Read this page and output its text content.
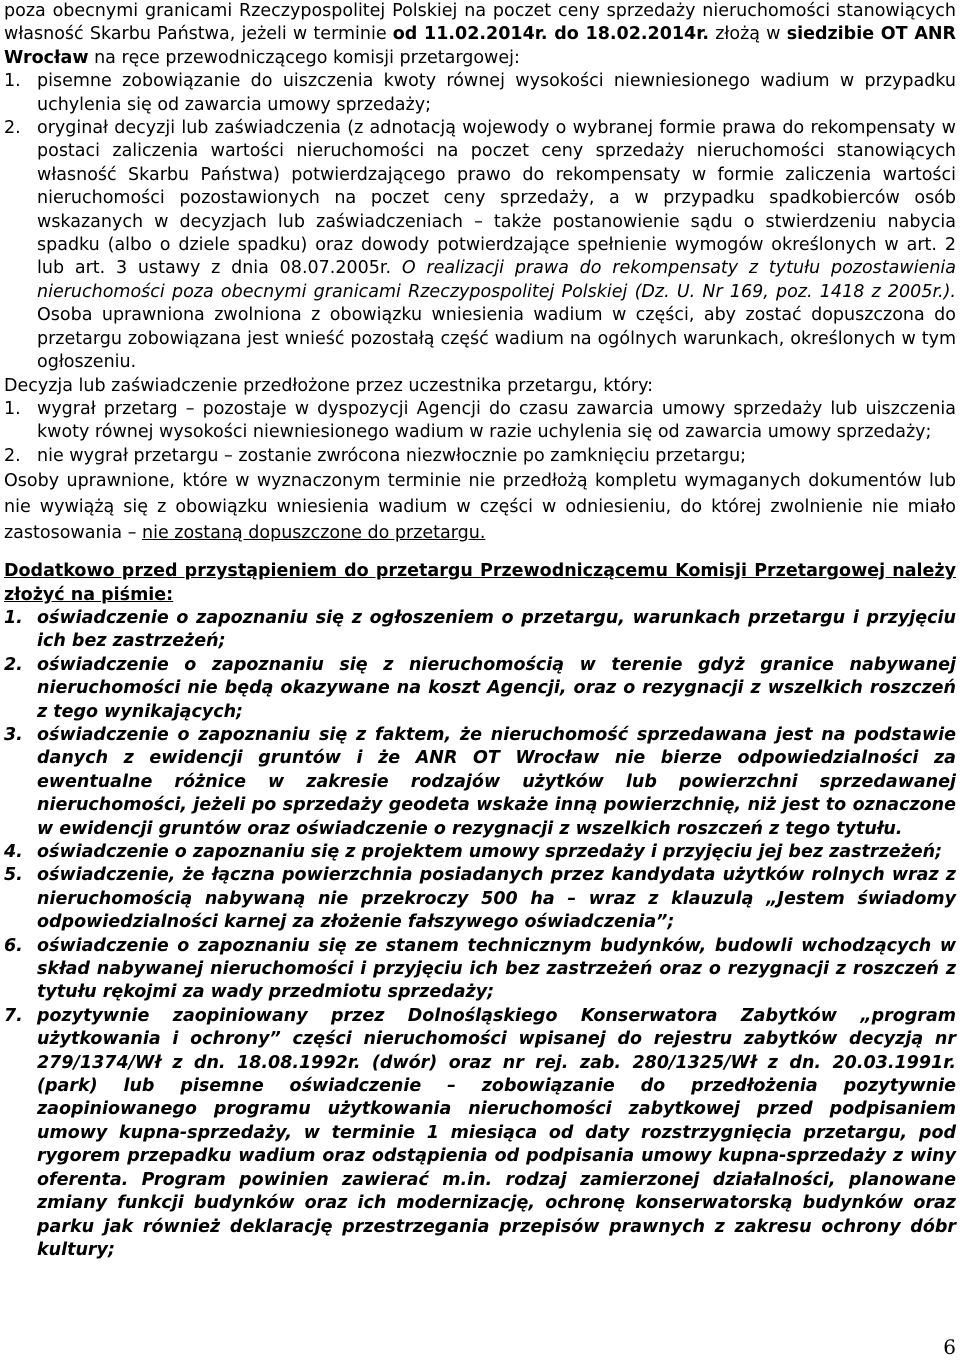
poza obecnymi granicami Rzeczypospolitej Polskiej na poczet ceny sprzedaży nieruchomości stanowiących własność Skarbu Państwa, jeżeli w terminie od 11.02.2014r. do 18.02.2014r. złożą w siedzibie OT ANR Wrocław na ręce przewodniczącego komisji przetargowej:

1. pisemne zobowiązanie do uiszczenia kwoty równej wysokości niewniesionego wadium w przypadku uchylenia się od zawarcia umowy sprzedaży;
2. oryginał decyzji lub zaświadczenia (z adnotacją wojewody o wybranej formie prawa do rekompensaty w postaci zaliczenia wartości nieruchomości na poczet ceny sprzedaży nieruchomości stanowiących własność Skarbu Państwa) potwierdzającego prawo do rekompensaty w formie zaliczenia wartości nieruchomości pozostawionych na poczet ceny sprzedaży, a w przypadku spadkobierców osób wskazanych w decyzjach lub zaświadczeniach – także postanowienie sądu o stwierdzeniu nabycia spadku (albo o dziele spadku) oraz dowody potwierdzające spełnienie wymogów określonych w art. 2 lub art. 3 ustawy z dnia 08.07.2005r. O realizacji prawa do rekompensaty z tytułu pozostawienia nieruchomości poza obecnymi granicami Rzeczypospolitej Polskiej (Dz. U. Nr 169, poz. 1418 z 2005r.). Osoba uprawniona zwolniona z obowiązku wniesienia wadium w części, aby zostać dopuszczona do przetargu zobowiązana jest wnieść pozostałą część wadium na ogólnych warunkach, określonych w tym ogłoszeniu.

Decyzja lub zaświadczenie przedłożone przez uczestnika przetargu, który:

1. wygrał przetarg – pozostaje w dyspozycji Agencji do czasu zawarcia umowy sprzedaży lub uiszczenia kwoty równej wysokości niewniesionego wadium w razie uchylenia się od zawarcia umowy sprzedaży;
2. nie wygrał przetargu – zostanie zwrócona niezwłocznie po zamknięciu przetargu;

Osoby uprawnione, które w wyznaczonym terminie nie przedłożą kompletu wymaganych dokumentów lub nie wywiążą się z obowiązku wniesienia wadium w części w odniesieniu, do której zwolnienie nie miało zastosowania – nie zostaną dopuszczone do przetargu.

Dodatkowo przed przystąpieniem do przetargu Przewodniczącemu Komisji Przetargowej należy złożyć na piśmie:

1. oświadczenie o zapoznaniu się z ogłoszeniem o przetargu, warunkach przetargu i przyjęciu ich bez zastrzeżeń;
2. oświadczenie o zapoznaniu się z nieruchomością w terenie gdyż granice nabywanej nieruchomości nie będą okazywane na koszt Agencji, oraz o rezygnacji z wszelkich roszczeń z tego wynikających;
3. oświadczenie o zapoznaniu się z faktem, że nieruchomość sprzedawana jest na podstawie danych z ewidencji gruntów i że ANR OT Wrocław nie bierze odpowiedzialności za ewentualne różnice w zakresie rodzajów użytków lub powierzchni sprzedawanej nieruchomości, jeżeli po sprzedaży geodeta wskaże inną powierzchnię, niż jest to oznaczone w ewidencji gruntów oraz oświadczenie o rezygnacji z wszelkich roszczeń z tego tytułu.
4. oświadczenie o zapoznaniu się z projektem umowy sprzedaży i przyjęciu jej bez zastrzeżeń;
5. oświadczenie, że łączna powierzchnia posiadanych przez kandydata użytków rolnych wraz z nieruchomością nabywaną nie przekroczy 500 ha – wraz z klauzulą „Jestem świadomy odpowiedzialności karnej za złożenie fałszywego oświadczenia”;
6. oświadczenie o zapoznaniu się ze stanem technicznym budynków, budowli wchodzących w skład nabywanej nieruchomości i przyjęciu ich bez zastrzeżeń oraz o rezygnacji z roszczeń z tytułu rękojmi za wady przedmiotu sprzedaży;
7. pozytywnie zaopiniowany przez Dolnośląskiego Konserwatora Zabytków „program użytkowania i ochrony” części nieruchomości wpisanej do rejestru zabytków decyzją nr 279/1374/Wł z dn. 18.08.1992r. (dwór) oraz nr rej. zab. 280/1325/Wł z dn. 20.03.1991r. (park) lub pisemne oświadczenie – zobowiązanie do przedłożenia pozytywnie zaopiniowanego programu użytkowania nieruchomości zabytkowej przed podpisaniem umowy kupna-sprzedaży, w terminie 1 miesiąca od daty rozstrzygnięcia przetargu, pod rygorem przepadku wadium oraz odstąpienia od podpisania umowy kupna-sprzedaży z winy oferenta. Program powinien zawierać m.in. rodzaj zamierzonej działalności, planowane zmiany funkcji budynków oraz ich modernizację, ochronę konserwatorską budynków oraz parku jak również deklarację przestrzegania przepisów prawnych z zakresu ochrony dóbr kultury;
6
